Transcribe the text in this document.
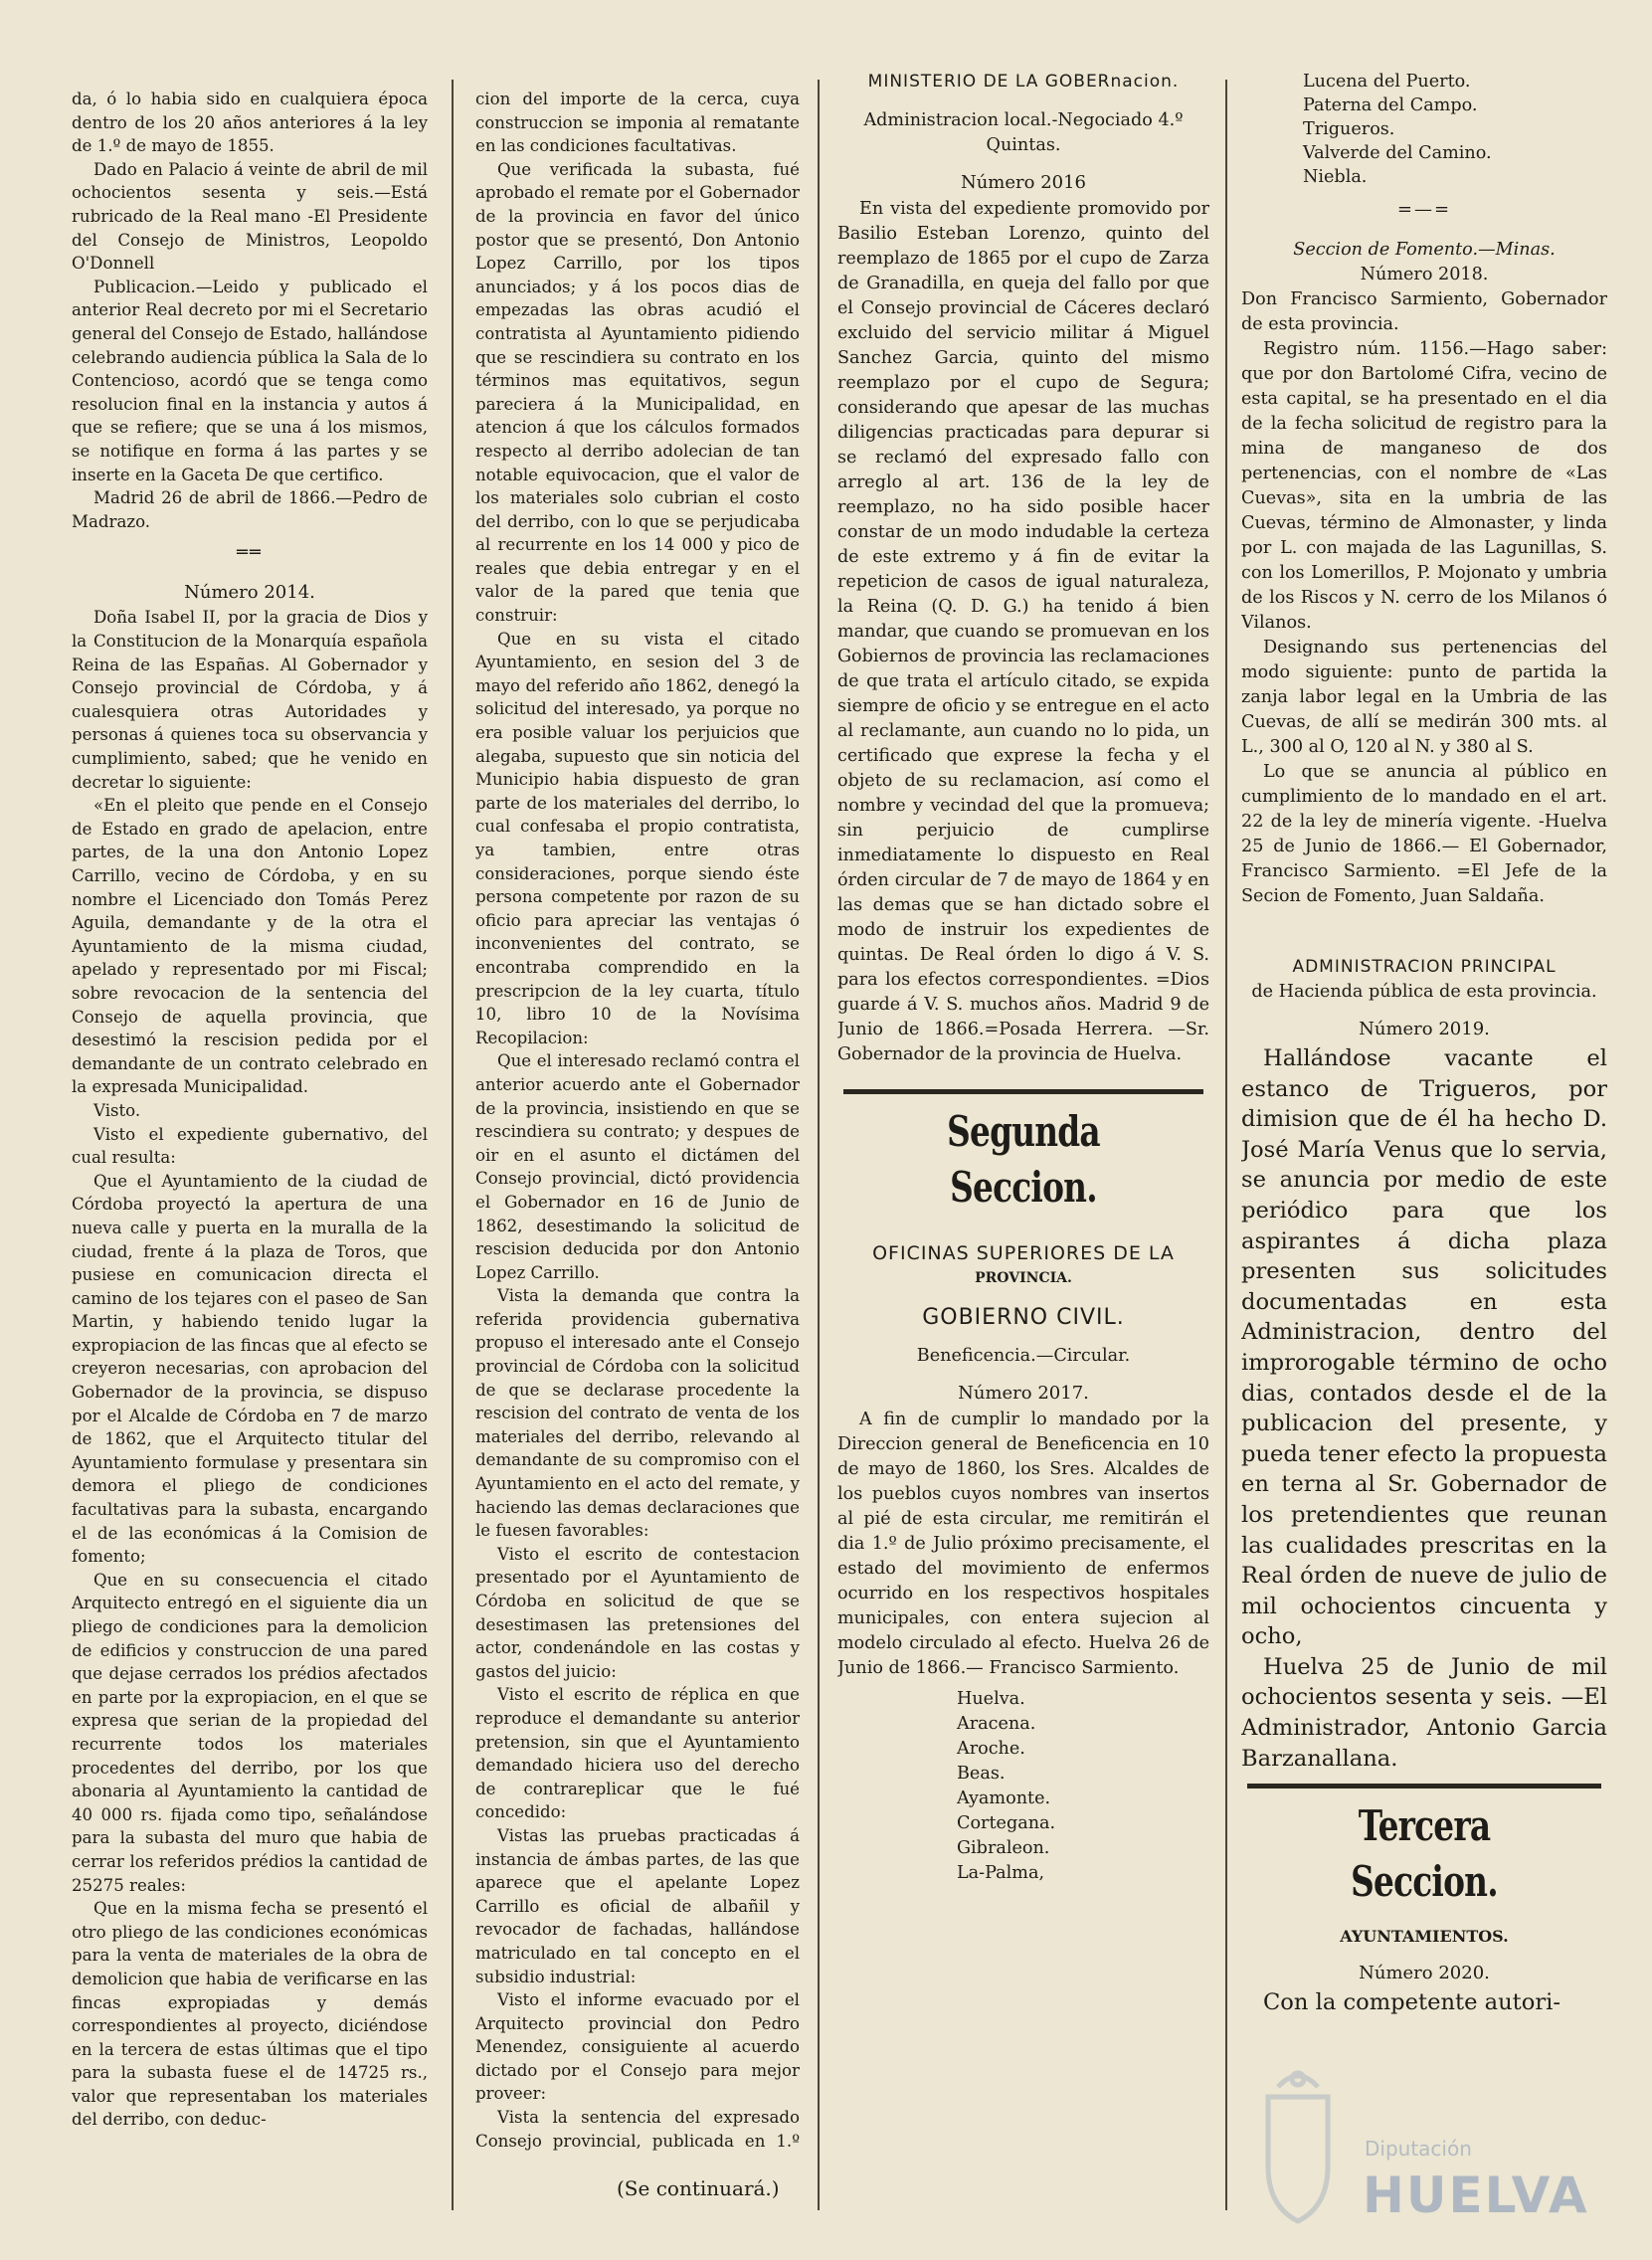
da, ó lo habia sido en cualquiera época dentro de los 20 años anteriores á la ley de 1.º de mayo de 1855.

Dado en Palacio á veinte de abril de mil ochocientos sesenta y seis.—Está rubricado de la Real mano -El Presidente del Consejo de Ministros, Leopoldo O'Donnell

Publicacion.—Leido y publicado el anterior Real decreto por mi el Secretario general del Consejo de Estado, hallándose celebrando audiencia pública la Sala de lo Contencioso, acordó que se tenga como resolucion final en la instancia y autos á que se refiere; que se una á los mismos, se notifique en forma á las partes y se inserte en la Gaceta De que certifico.

Madrid 26 de abril de 1866.—Pedro de Madrazo.

══
Número 2014.

Doña Isabel II, por la gracia de Dios y la Constitucion de la Monarquía española Reina de las Españas. Al Gobernador y Consejo provincial de Córdoba, y á cualesquiera otras Autoridades y personas á quienes toca su observancia y cumplimiento, sabed; que he venido en decretar lo siguiente:

«En el pleito que pende en el Consejo de Estado en grado de apelacion, entre partes, de la una don Antonio Lopez Carrillo, vecino de Córdoba, y en su nombre el Licenciado don Tomás Perez Aguila, demandante y de la otra el Ayuntamiento de la misma ciudad, apelado y representado por mi Fiscal; sobre revocacion de la sentencia del Consejo de aquella provincia, que desestimó la rescision pedida por el demandante de un contrato celebrado en la expresada Municipalidad.

Visto.

Visto el expediente gubernativo, del cual resulta:

Que el Ayuntamiento de la ciudad de Córdoba proyectó la apertura de una nueva calle y puerta en la muralla de la ciudad, frente á la plaza de Toros, que pusiese en comunicacion directa el camino de los tejares con el paseo de San Martin, y habiendo tenido lugar la expropiacion de las fincas que al efecto se creyeron necesarias, con aprobacion del Gobernador de la provincia, se dispuso por el Alcalde de Córdoba en 7 de marzo de 1862, que el Arquitecto titular del Ayuntamiento formulase y presentara sin demora el pliego de condiciones facultativas para la subasta, encargando el de las económicas á la Comision de fomento;

Que en su consecuencia el citado Arquitecto entregó en el siguiente dia un pliego de condiciones para la demolicion de edificios y construccion de una pared que dejase cerrados los prédios afectados en parte por la expropiacion, en el que se expresa que serian de la propiedad del recurrente todos los materiales procedentes del derribo, por los que abonaria al Ayuntamiento la cantidad de 40 000 rs. fijada como tipo, señalándose para la subasta del muro que habia de cerrar los referidos prédios la cantidad de 25275 reales:

Que en la misma fecha se presentó el otro pliego de las condiciones económicas para la venta de materiales de la obra de demolicion que habia de verificarse en las fincas expropiadas y demás correspondientes al proyecto, diciéndose en la tercera de estas últimas que el tipo para la subasta fuese el de 14725 rs., valor que representaban los materiales del derribo, con deduc-

cion del importe de la cerca, cuya construccion se imponia al rematante en las condiciones facultativas.

Que verificada la subasta, fué aprobado el remate por el Gobernador de la provincia en favor del único postor que se presentó, Don Antonio Lopez Carrillo, por los tipos anunciados; y á los pocos dias de empezadas las obras acudió el contratista al Ayuntamiento pidiendo que se rescindiera su contrato en los términos mas equitativos, segun pareciera á la Municipalidad, en atencion á que los cálculos formados respecto al derribo adolecian de tan notable equivocacion, que el valor de los materiales solo cubrian el costo del derribo, con lo que se perjudicaba al recurrente en los 14 000 y pico de reales que debia entregar y en el valor de la pared que tenia que construir:

Que en su vista el citado Ayuntamiento, en sesion del 3 de mayo del referido año 1862, denegó la solicitud del interesado, ya porque no era posible valuar los perjuicios que alegaba, supuesto que sin noticia del Municipio habia dispuesto de gran parte de los materiales del derribo, lo cual confesaba el propio contratista, ya tambien, entre otras consideraciones, porque siendo éste persona competente por razon de su oficio para apreciar las ventajas ó inconvenientes del contrato, se encontraba comprendido en la prescripcion de la ley cuarta, título 10, libro 10 de la Novísima Recopilacion:

Que el interesado reclamó contra el anterior acuerdo ante el Gobernador de la provincia, insistiendo en que se rescindiera su contrato; y despues de oir en el asunto el dictámen del Consejo provincial, dictó providencia el Gobernador en 16 de Junio de 1862, desestimando la solicitud de rescision deducida por don Antonio Lopez Carrillo.

Vista la demanda que contra la referida providencia gubernativa propuso el interesado ante el Consejo provincial de Córdoba con la solicitud de que se declarase procedente la rescision del contrato de venta de los materiales del derribo, relevando al demandante de su compromiso con el Ayuntamiento en el acto del remate, y haciendo las demas declaraciones que le fuesen favorables:

Visto el escrito de contestacion presentado por el Ayuntamiento de Córdoba en solicitud de que se desestimasen las pretensiones del actor, condenándole en las costas y gastos del juicio:

Visto el escrito de réplica en que reproduce el demandante su anterior pretension, sin que el Ayuntamiento demandado hiciera uso del derecho de contrareplicar que le fué concedido:

Vistas las pruebas practicadas á instancia de ámbas partes, de las que aparece que el apelante Lopez Carrillo es oficial de albañil y revocador de fachadas, hallándose matriculado en tal concepto en el subsidio industrial:

Visto el informe evacuado por el Arquitecto provincial don Pedro Menendez, consiguiente al acuerdo dictado por el Consejo para mejor proveer:

Vista la sentencia del expresado Consejo provincial, publicada en 1.º

(Se continuará.)
MINISTERIO DE LA GOBERnacion.
Administracion local.-Negociado 4.º Quintas.
Número 2016

En vista del expediente promovido por Basilio Esteban Lorenzo, quinto del reemplazo de 1865 por el cupo de Zarza de Granadilla, en queja del fallo por que el Consejo provincial de Cáceres declaró excluido del servicio militar á Miguel Sanchez Garcia, quinto del mismo reemplazo por el cupo de Segura; considerando que apesar de las muchas diligencias practicadas para depurar si se reclamó del expresado fallo con arreglo al art. 136 de la ley de reemplazo, no ha sido posible hacer constar de un modo indudable la certeza de este extremo y á fin de evitar la repeticion de casos de igual naturaleza, la Reina (Q. D. G.) ha tenido á bien mandar, que cuando se promuevan en los Gobiernos de provincia las reclamaciones de que trata el artículo citado, se expida siempre de oficio y se entregue en el acto al reclamante, aun cuando no lo pida, un certificado que exprese la fecha y el objeto de su reclamacion, así como el nombre y vecindad del que la promueva; sin perjuicio de cumplirse inmediatamente lo dispuesto en Real órden circular de 7 de mayo de 1864 y en las demas que se han dictado sobre el modo de instruir los expedientes de quintas. De Real órden lo digo á V. S. para los efectos correspondientes. =Dios guarde á V. S. muchos años. Madrid 9 de Junio de 1866.=Posada Herrera. —Sr. Gobernador de la provincia de Huelva.

Segunda Seccion.
OFICINAS SUPERIORES DE LA
PROVINCIA.
GOBIERNO CIVIL.
Beneficencia.—Circular.
Número 2017.

A fin de cumplir lo mandado por la Direccion general de Beneficencia en 10 de mayo de 1860, los Sres. Alcaldes de los pueblos cuyos nombres van insertos al pié de esta circular, me remitirán el dia 1.º de Julio próximo precisamente, el estado del movimiento de enfermos ocurrido en los respectivos hospitales municipales, con entera sujecion al modelo circulado al efecto. Huelva 26 de Junio de 1866.— Francisco Sarmiento.

Huelva.
Aracena.
Aroche.
Beas.
Ayamonte.
Cortegana.
Gibraleon.
La-Palma,
Lucena del Puerto.
Paterna del Campo.
Trigueros.
Valverde del Camino.
Niebla.
=—=
Seccion de Fomento.—Minas.
Número 2018.

Don Francisco Sarmiento, Gobernador de esta provincia.

Registro núm. 1156.—Hago saber: que por don Bartolomé Cifra, vecino de esta capital, se ha presentado en el dia de la fecha solicitud de registro para la mina de manganeso de dos pertenencias, con el nombre de «Las Cuevas», sita en la umbria de las Cuevas, término de Almonaster, y linda por L. con majada de las Lagunillas, S. con los Lomerillos, P. Mojonato y umbria de los Riscos y N. cerro de los Milanos ó Vilanos.

Designando sus pertenencias del modo siguiente: punto de partida la zanja labor legal en la Umbria de las Cuevas, de allí se medirán 300 mts. al L., 300 al O, 120 al N. y 380 al S.

Lo que se anuncia al público en cumplimiento de lo mandado en el art. 22 de la ley de minería vigente. -Huelva 25 de Junio de 1866.— El Gobernador, Francisco Sarmiento. =El Jefe de la Secion de Fomento, Juan Saldaña.

ADMINISTRACION PRINCIPAL
de Hacienda pública de esta provincia.
Número 2019.

Hallándose vacante el estanco de Trigueros, por dimision que de él ha hecho D. José María Venus que lo servia, se anuncia por medio de este periódico para que los aspirantes á dicha plaza presenten sus solicitudes documentadas en esta Administracion, dentro del improrogable término de ocho dias, contados desde el de la publicacion del presente, y pueda tener efecto la propuesta en terna al Sr. Gobernador de los pretendientes que reunan las cualidades prescritas en la Real órden de nueve de julio de mil ochocientos cincuenta y ocho,

Huelva 25 de Junio de mil ochocientos sesenta y seis. —El Administrador, Antonio Garcia Barzanallana.

Tercera Seccion.
AYUNTAMIENTOS.
Número 2020.

Con la competente autori-

Diputación
HUELVA
